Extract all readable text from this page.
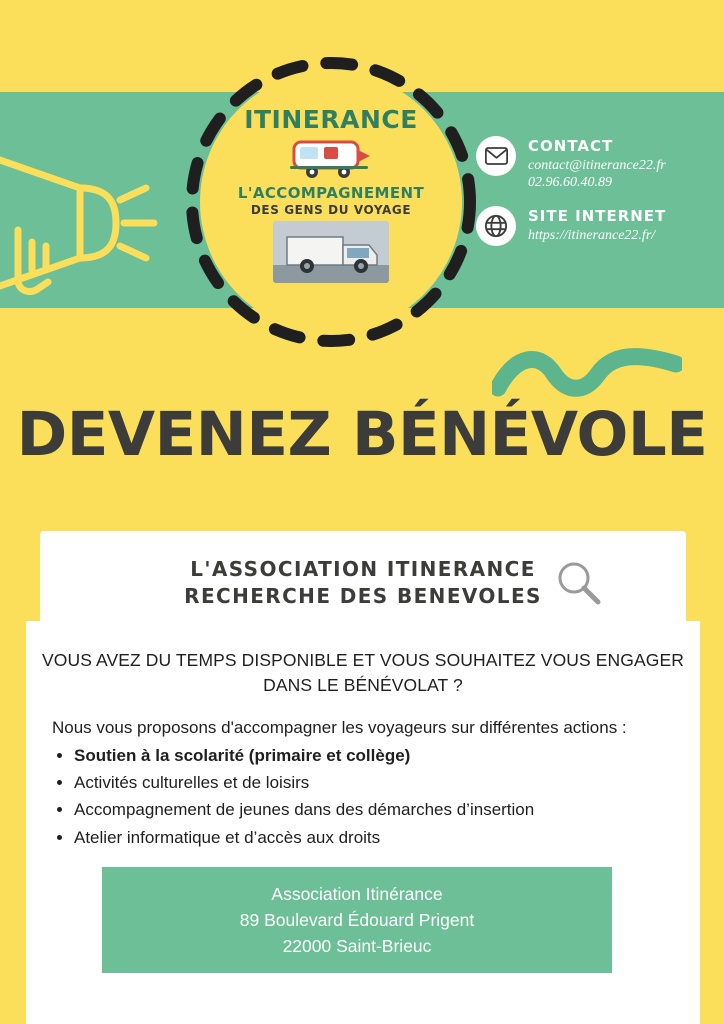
ITINERANCE
L'ACCOMPAGNEMENT
DES GENS DU VOYAGE
CONTACT
contact@itinerance22.fr
02.96.60.40.89
SITE INTERNET
https://itinerance22.fr/
DEVENEZ BÉNÉVOLE
L'ASSOCIATION ITINERANCE
RECHERCHE DES BENEVOLES
VOUS AVEZ DU TEMPS DISPONIBLE ET VOUS SOUHAITEZ VOUS ENGAGER
DANS LE BÉNÉVOLAT ?
Nous vous proposons d'accompagner les voyageurs sur différentes actions :
• Soutien à la scolarité (primaire et collège)
• Activités culturelles et de loisirs
• Accompagnement de jeunes dans des démarches d’insertion
• Atelier informatique et d’accès aux droits
Association Itinérance
89 Boulevard Édouard Prigent
22000 Saint-Brieuc
